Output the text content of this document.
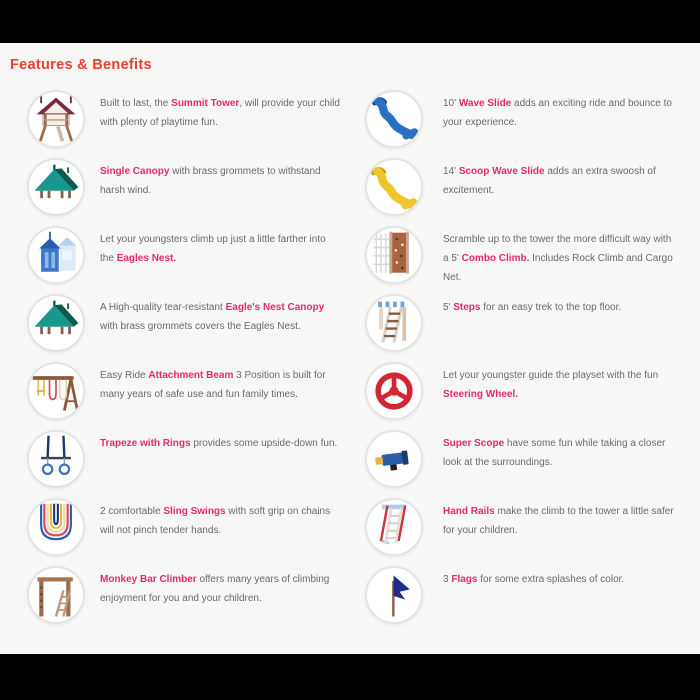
Features & Benefits

Built to last, the Summit Tower, will provide your child with plenty of playtime fun.

Single Canopy with brass grommets to withstand harsh wind.

Let your youngsters climb up just a little farther into the Eagles Nest.

A High-quality tear-resistant Eagle's Nest Canopy with brass grommets covers the Eagles Nest.

Easy Ride Attachment Beam 3 Position is built for many years of safe use and fun family times.

Trapeze with Rings provides some upside-down fun.

2 comfortable Sling Swings with soft grip on chains will not pinch tender hands.

Monkey Bar Climber offers many years of climbing enjoyment for you and your children.

10' Wave Slide adds an exciting ride and bounce to your experience.

14' Scoop Wave Slide adds an extra swoosh of excitement.

Scramble up to the tower the more difficult way with a 5' Combo Climb. Includes Rock Climb and Cargo Net.

5' Steps for an easy trek to the top floor.

Let your youngster guide the playset with the fun Steering Wheel.

Super Scope have some fun while taking a closer look at the surroundings.

Hand Rails make the climb to the tower a little safer for your children.

3 Flags for some extra splashes of color.
